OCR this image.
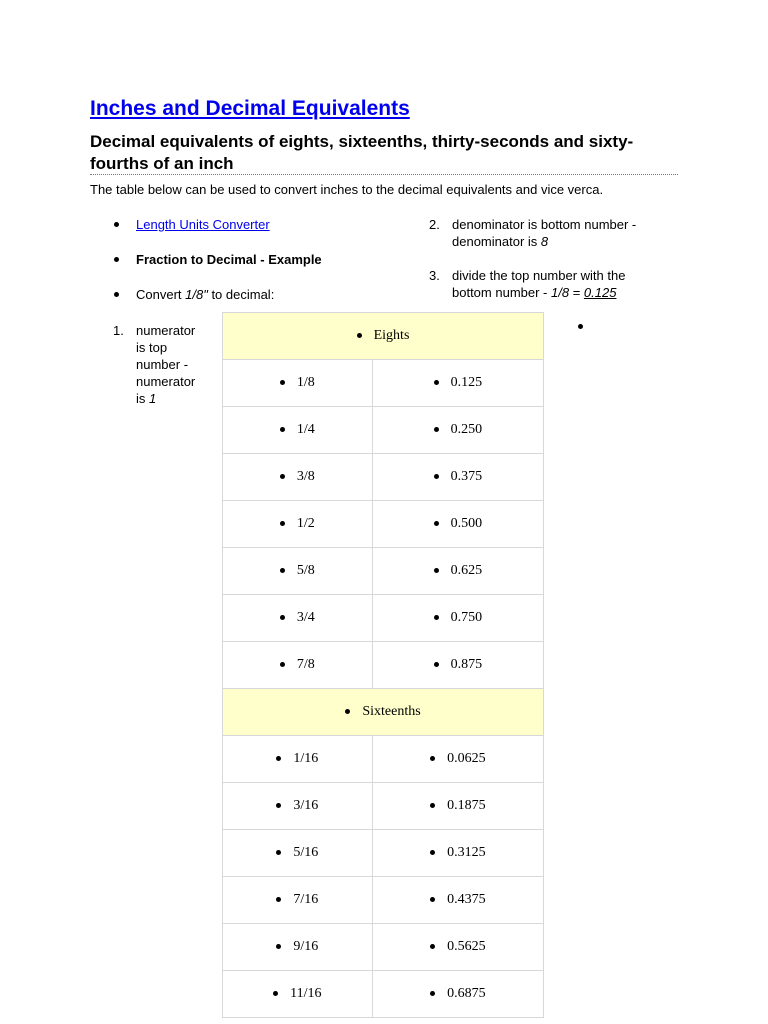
Inches and Decimal Equivalents
Decimal equivalents of eights, sixteenths, thirty-seconds and sixty-fourths of an inch

The table below can be used to convert inches to the decimal equivalents and vice verca.

Length Units Converter
Fraction to Decimal - Example
Convert 1/8" to decimal:
1. numerator is top number - numerator is 1
2. denominator is bottom number - denominator is 8
3. divide the top number with the bottom number - 1/8 = 0.125
Eights	
1/8	0.125
1/4	0.250
3/8	0.375
1/2	0.500
5/8	0.625
3/4	0.750
7/8	0.875
Sixteenths	
1/16	0.0625
3/16	0.1875
5/16	0.3125
7/16	0.4375
9/16	0.5625
11/16	0.6875
